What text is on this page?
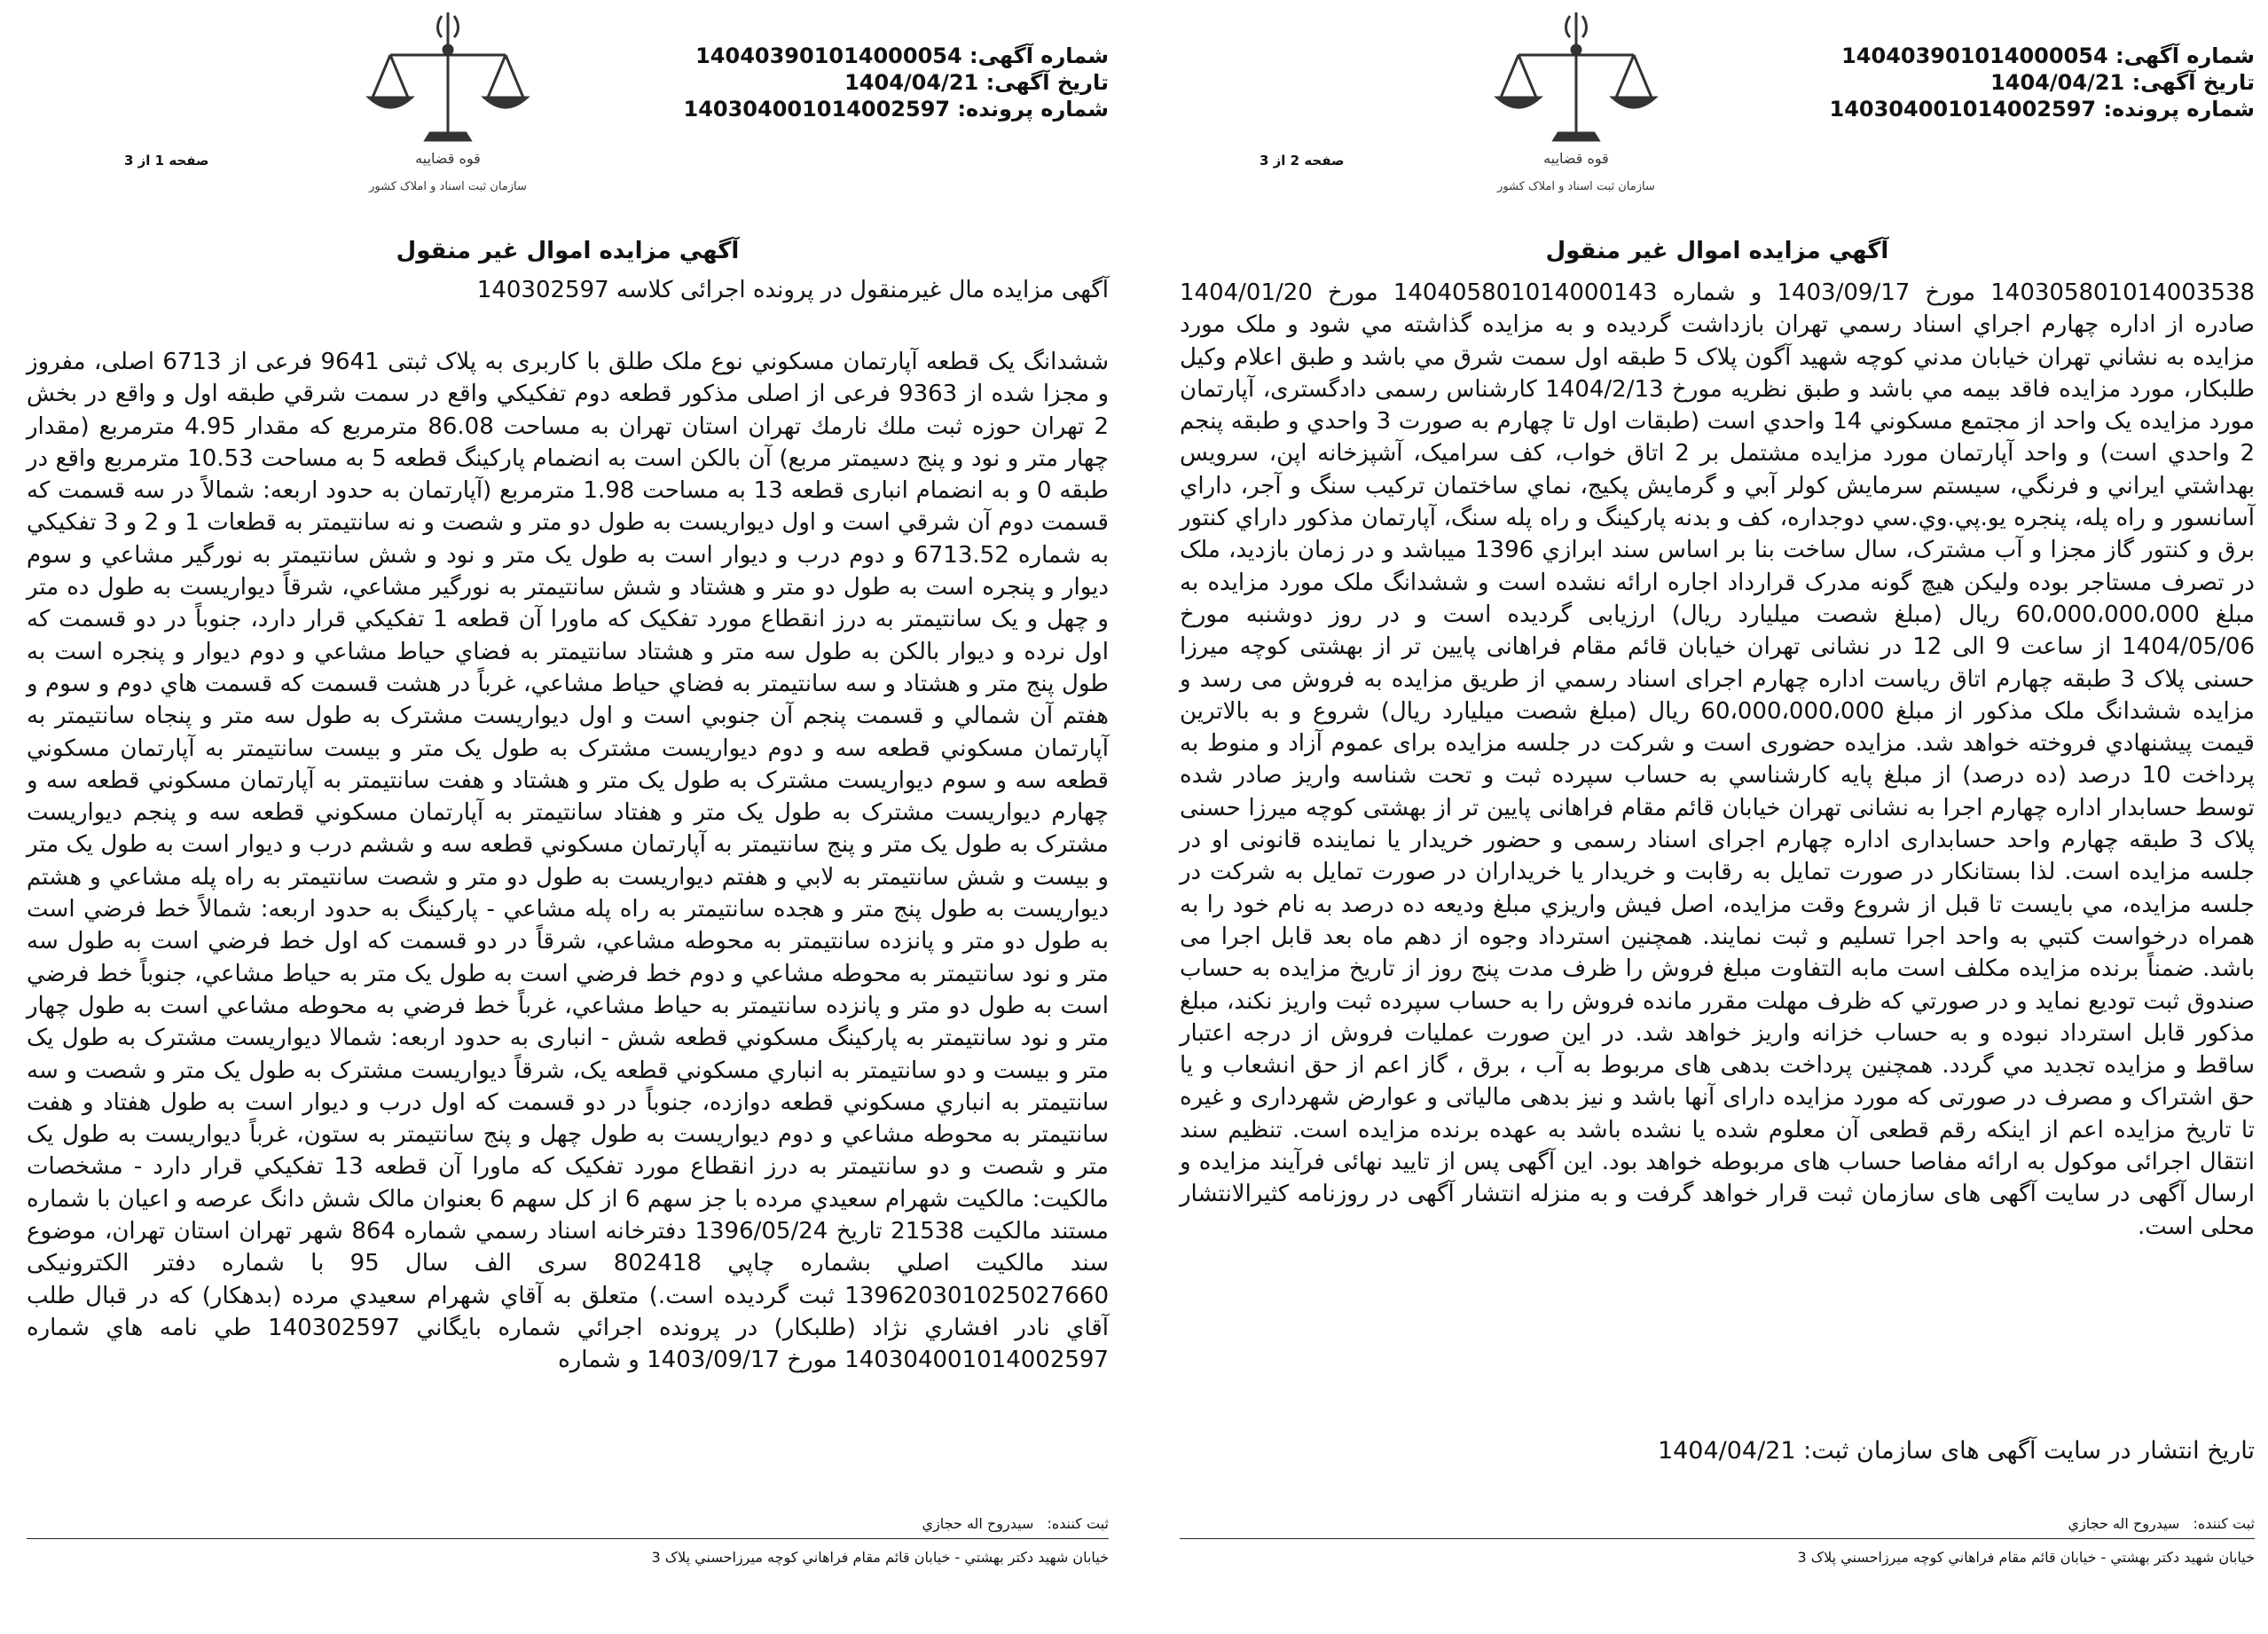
شماره آگهی: 140403901014000054
تاریخ آگهی: 1404/04/21
شماره پرونده: 140304001014002597
قوه قضاییه
سازمان ثبت اسناد و املاک کشور
صفحه 1 از 3
آگهي مزايده اموال غير منقول
آگهی مزایده مال غیرمنقول در پرونده اجرائی کلاسه 140302597
ششدانگ یک قطعه آپارتمان مسکوني نوع ملک طلق با کاربری به پلاک ثبتی 9641 فرعی از 6713 اصلی، مفروز و مجزا شده از 9363 فرعی از اصلی مذکور قطعه دوم تفکیکي واقع در سمت شرقي طبقه اول و واقع در بخش 2 تهران حوزه ثبت ملك نارمك تهران استان تهران به مساحت 86.08 مترمربع که مقدار 4.95 مترمربع (مقدار چهار متر و نود و پنج دسیمتر مربع) آن بالکن است به انضمام پارکینگ قطعه 5 به مساحت 10.53 مترمربع واقع در طبقه 0 و به انضمام انباری قطعه 13 به مساحت 1.98 مترمربع (آپارتمان به حدود اربعه: شمالاً در سه قسمت که قسمت دوم آن شرقي است و اول دیواریست به طول دو متر و شصت و نه سانتیمتر به قطعات 1 و 2 و 3 تفکیکي به شماره 6713.52 و دوم درب و دیوار است به طول یک متر و نود و شش سانتیمتر به نورگیر مشاعي و سوم دیوار و پنجره است به طول دو متر و هشتاد و شش سانتیمتر به نورگیر مشاعي، شرقاً دیواریست به طول ده متر و چهل و یک سانتیمتر به درز انقطاع مورد تفکیک که ماورا آن قطعه 1 تفکیکي قرار دارد، جنوباً در دو قسمت که اول نرده و دیوار بالکن به طول سه متر و هشتاد سانتیمتر به فضاي حیاط مشاعي و دوم دیوار و پنجره است به طول پنج متر و هشتاد و سه سانتیمتر به فضاي حیاط مشاعي، غرباً در هشت قسمت که قسمت هاي دوم و سوم و هفتم آن شمالي و قسمت پنجم آن جنوبي است و اول دیواریست مشترک به طول سه متر و پنجاه سانتیمتر به آپارتمان مسکوني قطعه سه و دوم دیواریست مشترک به طول یک متر و بیست سانتیمتر به آپارتمان مسکوني قطعه سه و سوم دیواریست مشترک به طول یک متر و هشتاد و هفت سانتیمتر به آپارتمان مسکوني قطعه سه و چهارم دیواریست مشترک به طول یک متر و هفتاد سانتیمتر به آپارتمان مسکوني قطعه سه و پنجم دیواریست مشترک به طول یک متر و پنج سانتیمتر به آپارتمان مسکوني قطعه سه و ششم درب و دیوار است به طول یک متر و بیست و شش سانتیمتر به لابي و هفتم دیواریست به طول دو متر و شصت سانتیمتر به راه پله مشاعي و هشتم دیواریست به طول پنج متر و هجده سانتیمتر به راه پله مشاعي - پارکینگ به حدود اربعه: شمالاً خط فرضي است به طول دو متر و پانزده سانتیمتر به محوطه مشاعي، شرقاً در دو قسمت که اول خط فرضي است به طول سه متر و نود سانتیمتر به محوطه مشاعي و دوم خط فرضي است به طول یک متر به حیاط مشاعي، جنوباً خط فرضي است به طول دو متر و پانزده سانتیمتر به حیاط مشاعي، غرباً خط فرضي به محوطه مشاعي است به طول چهار متر و نود سانتیمتر به پارکینگ مسکوني قطعه شش - انباری به حدود اربعه: شمالا دیواریست مشترک به طول یک متر و بیست و دو سانتیمتر به انباري مسکوني قطعه یک، شرقاً دیواریست مشترک به طول یک متر و شصت و سه سانتیمتر به انباري مسکوني قطعه دوازده، جنوباً در دو قسمت که اول درب و دیوار است به طول هفتاد و هفت سانتیمتر به محوطه مشاعي و دوم دیواریست به طول چهل و پنج سانتیمتر به ستون، غرباً دیواریست به طول یک متر و شصت و دو سانتیمتر به درز انقطاع مورد تفکیک که ماورا آن قطعه 13 تفکیکي قرار دارد - مشخصات مالکیت: مالکیت شهرام سعیدي مرده با جز سهم 6 از کل سهم 6 بعنوان مالک شش دانگ عرصه و اعیان با شماره مستند مالکیت 21538 تاریخ 1396/05/24 دفترخانه اسناد رسمي شماره 864 شهر تهران استان تهران، موضوع سند مالکیت اصلي بشماره چاپي 802418 سری الف سال 95 با شماره دفتر الکترونیکی 139620301025027660 ثبت گردیده است.) متعلق به آقاي شهرام سعیدي مرده (بدهکار) که در قبال طلب آقاي نادر افشاري نژاد (طلبکار) در پرونده اجرائي شماره بایگاني 140302597 طي نامه هاي شماره 140304001014002597 مورخ 1403/09/17 و شماره
ثبت کننده: سیدروح اله حجازي
خیابان شهید دکتر بهشتي - خیابان قائم مقام فراهاني کوچه میرزاحسني پلاک 3
شماره آگهی: 140403901014000054
تاریخ آگهی: 1404/04/21
شماره پرونده: 140304001014002597
قوه قضاییه
سازمان ثبت اسناد و املاک کشور
صفحه 2 از 3
آگهي مزايده اموال غير منقول
140305801014003538 مورخ 1403/09/17 و شماره 140405801014000143 مورخ 1404/01/20 صادره از اداره چهارم اجراي اسناد رسمي تهران بازداشت گردیده و به مزایده گذاشته مي شود و ملک مورد مزایده به نشاني تهران خیابان مدني کوچه شهید آگون پلاک 5 طبقه اول سمت شرق مي باشد و طبق اعلام وکیل طلبکار، مورد مزایده فاقد بیمه مي باشد و طبق نظریه مورخ 1404/2/13 کارشناس رسمی دادگستری، آپارتمان مورد مزایده یک واحد از مجتمع مسکوني 14 واحدي است (طبقات اول تا چهارم به صورت 3 واحدي و طبقه پنجم 2 واحدي است) و واحد آپارتمان مورد مزایده مشتمل بر 2 اتاق خواب، کف سرامیک، آشپزخانه اپن، سرویس بهداشتي ایراني و فرنگي، سیستم سرمایش کولر آبي و گرمایش پکیج، نماي ساختمان ترکیب سنگ و آجر، داراي آسانسور و راه پله، پنجره يو.پي.وي.سي دوجداره، کف و بدنه پارکینگ و راه پله سنگ، آپارتمان مذکور داراي کنتور برق و کنتور گاز مجزا و آب مشترک، سال ساخت بنا بر اساس سند ابرازي 1396 میباشد و در زمان بازدید، ملک در تصرف مستاجر بوده ولیکن هیچ گونه مدرک قرارداد اجاره ارائه نشده است و ششدانگ ملک مورد مزایده به مبلغ 60،000،000،000 ریال (مبلغ شصت میلیارد ریال) ارزیابی گردیده است و در روز دوشنبه مورخ 1404/05/06 از ساعت 9 الی 12 در نشانی تهران خیابان قائم مقام فراهانی پایین تر از بهشتی کوچه میرزا حسنی پلاک 3 طبقه چهارم اتاق ریاست اداره چهارم اجرای اسناد رسمي از طریق مزایده به فروش می رسد و مزایده ششدانگ ملک مذکور از مبلغ 60،000،000،000 ریال (مبلغ شصت میلیارد ریال) شروع و به بالاترین قیمت پیشنهادي فروخته خواهد شد. مزایده حضوری است و شرکت در جلسه مزایده برای عموم آزاد و منوط به پرداخت 10 درصد (ده درصد) از مبلغ پایه کارشناسي به حساب سپرده ثبت و تحت شناسه واریز صادر شده توسط حسابدار اداره چهارم اجرا به نشانی تهران خیابان قائم مقام فراهانی پایین تر از بهشتی کوچه میرزا حسنی پلاک 3 طبقه چهارم واحد حسابداری اداره چهارم اجرای اسناد رسمی و حضور خریدار یا نماینده قانونی او در جلسه مزایده است. لذا بستانکار در صورت تمایل به رقابت و خریدار یا خریداران در صورت تمایل به شرکت در جلسه مزایده، مي بایست تا قبل از شروع وقت مزایده، اصل فیش واریزي مبلغ ودیعه ده درصد به نام خود را به همراه درخواست کتبي به واحد اجرا تسلیم و ثبت نمایند. همچنین استرداد وجوه از دهم ماه بعد قابل اجرا می باشد. ضمناً برنده مزایده مکلف است مابه التفاوت مبلغ فروش را ظرف مدت پنج روز از تاریخ مزایده به حساب صندوق ثبت تودیع نماید و در صورتي که ظرف مهلت مقرر مانده فروش را به حساب سپرده ثبت واریز نکند، مبلغ مذکور قابل استرداد نبوده و به حساب خزانه واریز خواهد شد. در این صورت عملیات فروش از درجه اعتبار ساقط و مزایده تجدید مي گردد. همچنین پرداخت بدهی های مربوط به آب ، برق ، گاز اعم از حق انشعاب و یا حق اشتراک و مصرف در صورتی که مورد مزایده دارای آنها باشد و نیز بدهی مالیاتی و عوارض شهرداری و غیره تا تاریخ مزایده اعم از اینکه رقم قطعی آن معلوم شده یا نشده باشد به عهده برنده مزایده است. تنظیم سند انتقال اجرائی موکول به ارائه مفاصا حساب های مربوطه خواهد بود. این آگهی پس از تایید نهائی فرآیند مزایده و ارسال آگهی در سایت آگهی های سازمان ثبت قرار خواهد گرفت و به منزله انتشار آگهی در روزنامه کثیرالانتشار محلی است.
تاریخ انتشار در سایت آگهی های سازمان ثبت: 1404/04/21
ثبت کننده: سیدروح اله حجازي
خیابان شهید دکتر بهشتي - خیابان قائم مقام فراهاني کوچه میرزاحسني پلاک 3
